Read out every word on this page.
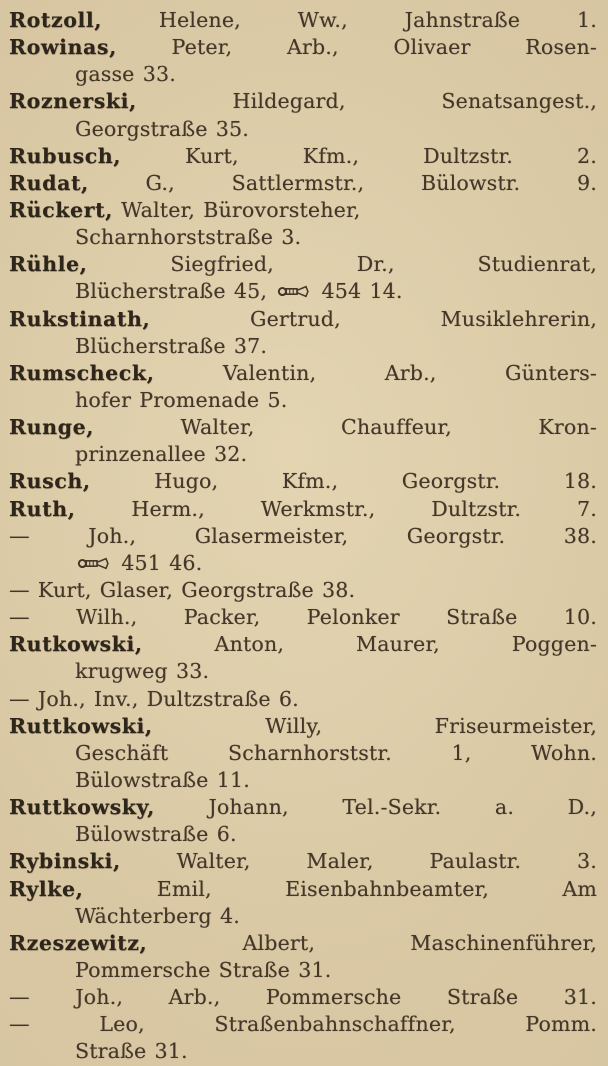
Rotzoll, Helene, Ww., Jahnstraße 1.
Rowinas, Peter, Arb., Olivaer Rosen-
gasse 33.
Roznerski, Hildegard, Senatsangest.,
Georgstraße 35.
Rubusch, Kurt, Kfm., Dultzstr. 2.
Rudat, G., Sattlermstr., Bülowstr. 9.
Rückert, Walter, Bürovorsteher,
Scharnhorststraße 3.
Rühle, Siegfried, Dr., Studienrat,
Blücherstraße 45,  454 14.
Rukstinath, Gertrud, Musiklehrerin,
Blücherstraße 37.
Rumscheck, Valentin, Arb., Günters-
hofer Promenade 5.
Runge, Walter, Chauffeur, Kron-
prinzenallee 32.
Rusch, Hugo, Kfm., Georgstr. 18.
Ruth, Herm., Werkmstr., Dultzstr. 7.
— Joh., Glasermeister, Georgstr. 38.
451 46.
— Kurt, Glaser, Georgstraße 38.
— Wilh., Packer, Pelonker Straße 10.
Rutkowski, Anton, Maurer, Poggen-
krugweg 33.
— Joh., Inv., Dultzstraße 6.
Ruttkowski, Willy, Friseurmeister,
Geschäft Scharnhorststr. 1, Wohn.
Bülowstraße 11.
Ruttkowsky, Johann, Tel.-Sekr. a. D.,
Bülowstraße 6.
Rybinski, Walter, Maler, Paulastr. 3.
Rylke, Emil, Eisenbahnbeamter, Am
Wächterberg 4.
Rzeszewitz, Albert, Maschinenführer,
Pommersche Straße 31.
— Joh., Arb., Pommersche Straße 31.
— Leo, Straßenbahnschaffner, Pomm.
Straße 31.
